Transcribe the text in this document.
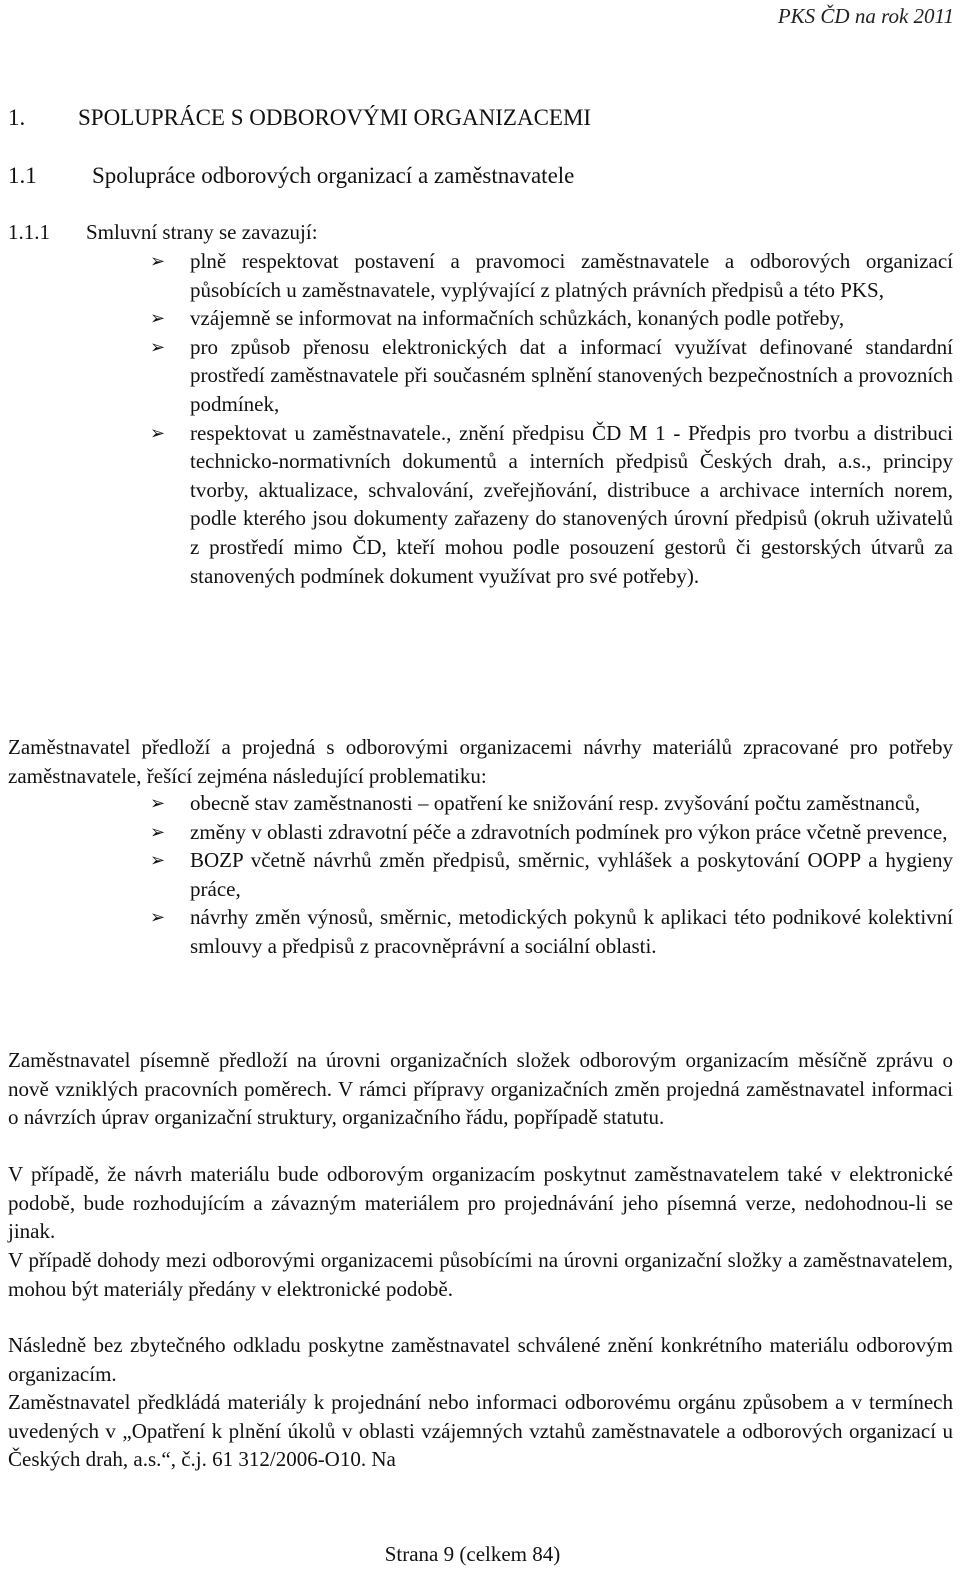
PKS ČD na rok 2011
1. SPOLUPRÁCE S ODBOROVÝMI ORGANIZACEMI
1.1 Spolupráce odborových organizací a zaměstnavatele
1.1.1 Smluvní strany se zavazují:
➢ plně respektovat postavení a pravomoci zaměstnavatele a odborových organizací působících u zaměstnavatele, vyplývající z platných právních předpisů a této PKS,
➢ vzájemně se informovat na informačních schůzkách, konaných podle potřeby,
➢ pro způsob přenosu elektronických dat a informací využívat definované standardní prostředí zaměstnavatele při současném splnění stanovených bezpečnostních a provozních podmínek,
➢ respektovat u zaměstnavatele., znění předpisu ČD M 1 - Předpis pro tvorbu a distribuci technicko-normativních dokumentů a interních předpisů Českých drah, a.s., principy tvorby, aktualizace, schvalování, zveřejňování, distribuce a archivace interních norem, podle kterého jsou dokumenty zařazeny do stanovených úrovní předpisů (okruh uživatelů z prostředí mimo ČD, kteří mohou podle posouzení gestorů či gestorských útvarů za stanovených podmínek dokument využívat pro své potřeby).

Zaměstnavatel předloží a projedná s odborovými organizacemi návrhy materiálů zpracované pro potřeby zaměstnavatele, řešící zejména následující problematiku:

➢ obecně stav zaměstnanosti – opatření ke snižování resp. zvyšování počtu zaměstnanců,
➢ změny v oblasti zdravotní péče a zdravotních podmínek pro výkon práce včetně prevence,
➢ BOZP včetně návrhů změn předpisů, směrnic, vyhlášek a poskytování OOPP a hygieny práce,
➢ návrhy změn výnosů, směrnic, metodických pokynů k aplikaci této podnikové kolektivní smlouvy a předpisů z pracovněprávní a sociální oblasti.

Zaměstnavatel písemně předloží na úrovni organizačních složek odborovým organizacím měsíčně zprávu o nově vzniklých pracovních poměrech. V rámci přípravy organizačních změn projedná zaměstnavatel informaci o návrzích úprav organizační struktury, organizačního řádu, popřípadě statutu.

V případě, že návrh materiálu bude odborovým organizacím poskytnut zaměstnavatelem také v elektronické podobě, bude rozhodujícím a závazným materiálem pro projednávání jeho písemná verze, nedohodnou-li se jinak.

V případě dohody mezi odborovými organizacemi působícími na úrovni organizační složky a zaměstnavatelem, mohou být materiály předány v elektronické podobě.

Následně bez zbytečného odkladu poskytne zaměstnavatel schválené znění konkrétního materiálu odborovým organizacím.

Zaměstnavatel předkládá materiály k projednání nebo informaci odborovému orgánu způsobem a v termínech uvedených v „Opatření k plnění úkolů v oblasti vzájemných vztahů zaměstnavatele a odborových organizací u Českých drah, a.s.“, č.j. 61 312/2006-O10. Na

Strana 9 (celkem 84)
